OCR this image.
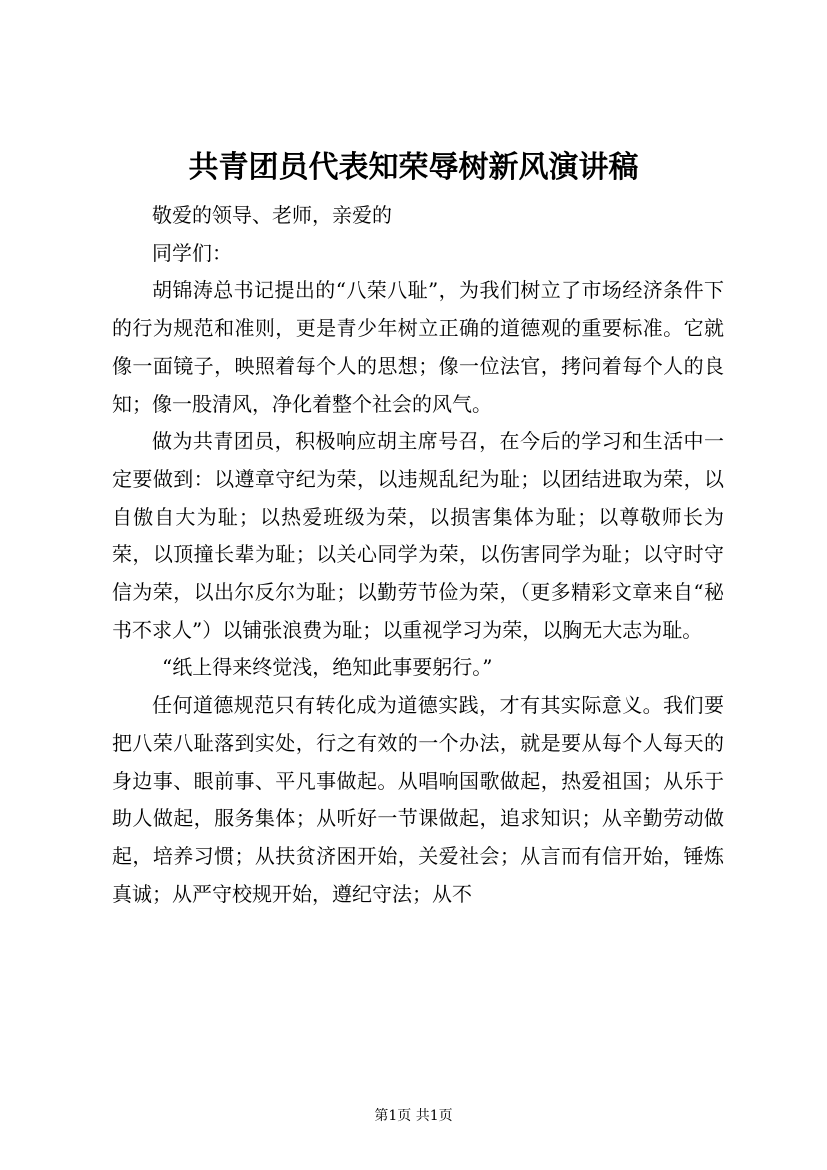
共青团员代表知荣辱树新风演讲稿

敬爱的领导、老师，亲爱的

同学们：

胡锦涛总书记提出的“八荣八耻”，为我们树立了市场经济条件下的行为规范和准则，更是青少年树立正确的道德观的重要标准。它就像一面镜子，映照着每个人的思想；像一位法官，拷问着每个人的良知；像一股清风，净化着整个社会的风气。

做为共青团员，积极响应胡主席号召，在今后的学习和生活中一定要做到：以遵章守纪为荣，以违规乱纪为耻；以团结进取为荣，以自傲自大为耻；以热爱班级为荣，以损害集体为耻；以尊敬师长为荣，以顶撞长辈为耻；以关心同学为荣，以伤害同学为耻；以守时守信为荣，以出尔反尔为耻；以勤劳节俭为荣，（更多精彩文章来自“秘书不求人”）以铺张浪费为耻；以重视学习为荣，以胸无大志为耻。

“纸上得来终觉浅，绝知此事要躬行。”

任何道德规范只有转化成为道德实践，才有其实际意义。我们要把八荣八耻落到实处，行之有效的一个办法，就是要从每个人每天的身边事、眼前事、平凡事做起。从唱响国歌做起，热爱祖国；从乐于助人做起，服务集体；从听好一节课做起，追求知识；从辛勤劳动做起，培养习惯；从扶贫济困开始，关爱社会；从言而有信开始，锤炼真诚；从严守校规开始，遵纪守法；从不

第1页 共1页
